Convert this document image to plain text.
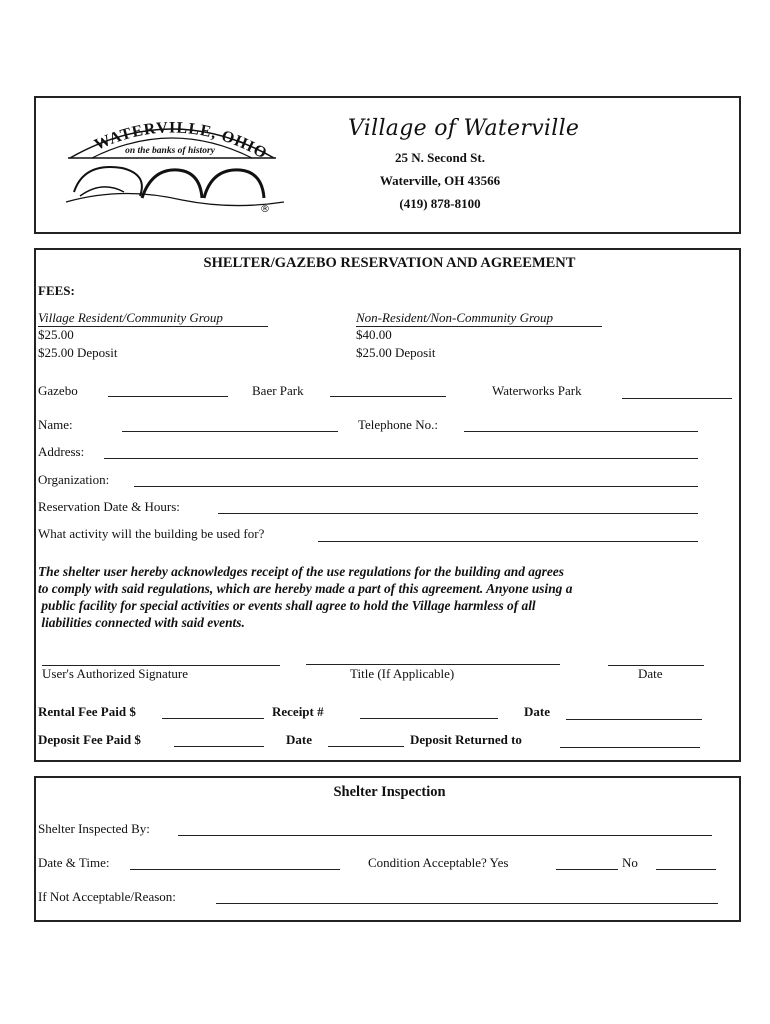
WATERVILLE, OHIO
on the banks of history
®
Village of Waterville
25 N. Second St.
Waterville, OH 43566
(419) 878-8100
SHELTER/GAZEBO RESERVATION AND AGREEMENT
FEES:
Village Resident/Community Group
$25.00
$25.00 Deposit
Non-Resident/Non-Community Group
$40.00
$25.00 Deposit
Gazebo	Baer Park	Waterworks Park
Name:	Telephone No.:
Address:
Organization:
Reservation Date & Hours:
What activity will the building be used for?
The shelter user hereby acknowledges receipt of the use regulations for the building and agrees
to comply with said regulations, which are hereby made a part of this agreement. Anyone using a
public facility for special activities or events shall agree to hold the Village harmless of all
liabilities connected with said events.
User's Authorized Signature	Title (If Applicable)	Date
Rental Fee Paid $	Receipt #	Date
Deposit Fee Paid $	Date	Deposit Returned to
Shelter Inspection
Shelter Inspected By:
Date & Time:	Condition Acceptable? Yes	No
If Not Acceptable/Reason:
